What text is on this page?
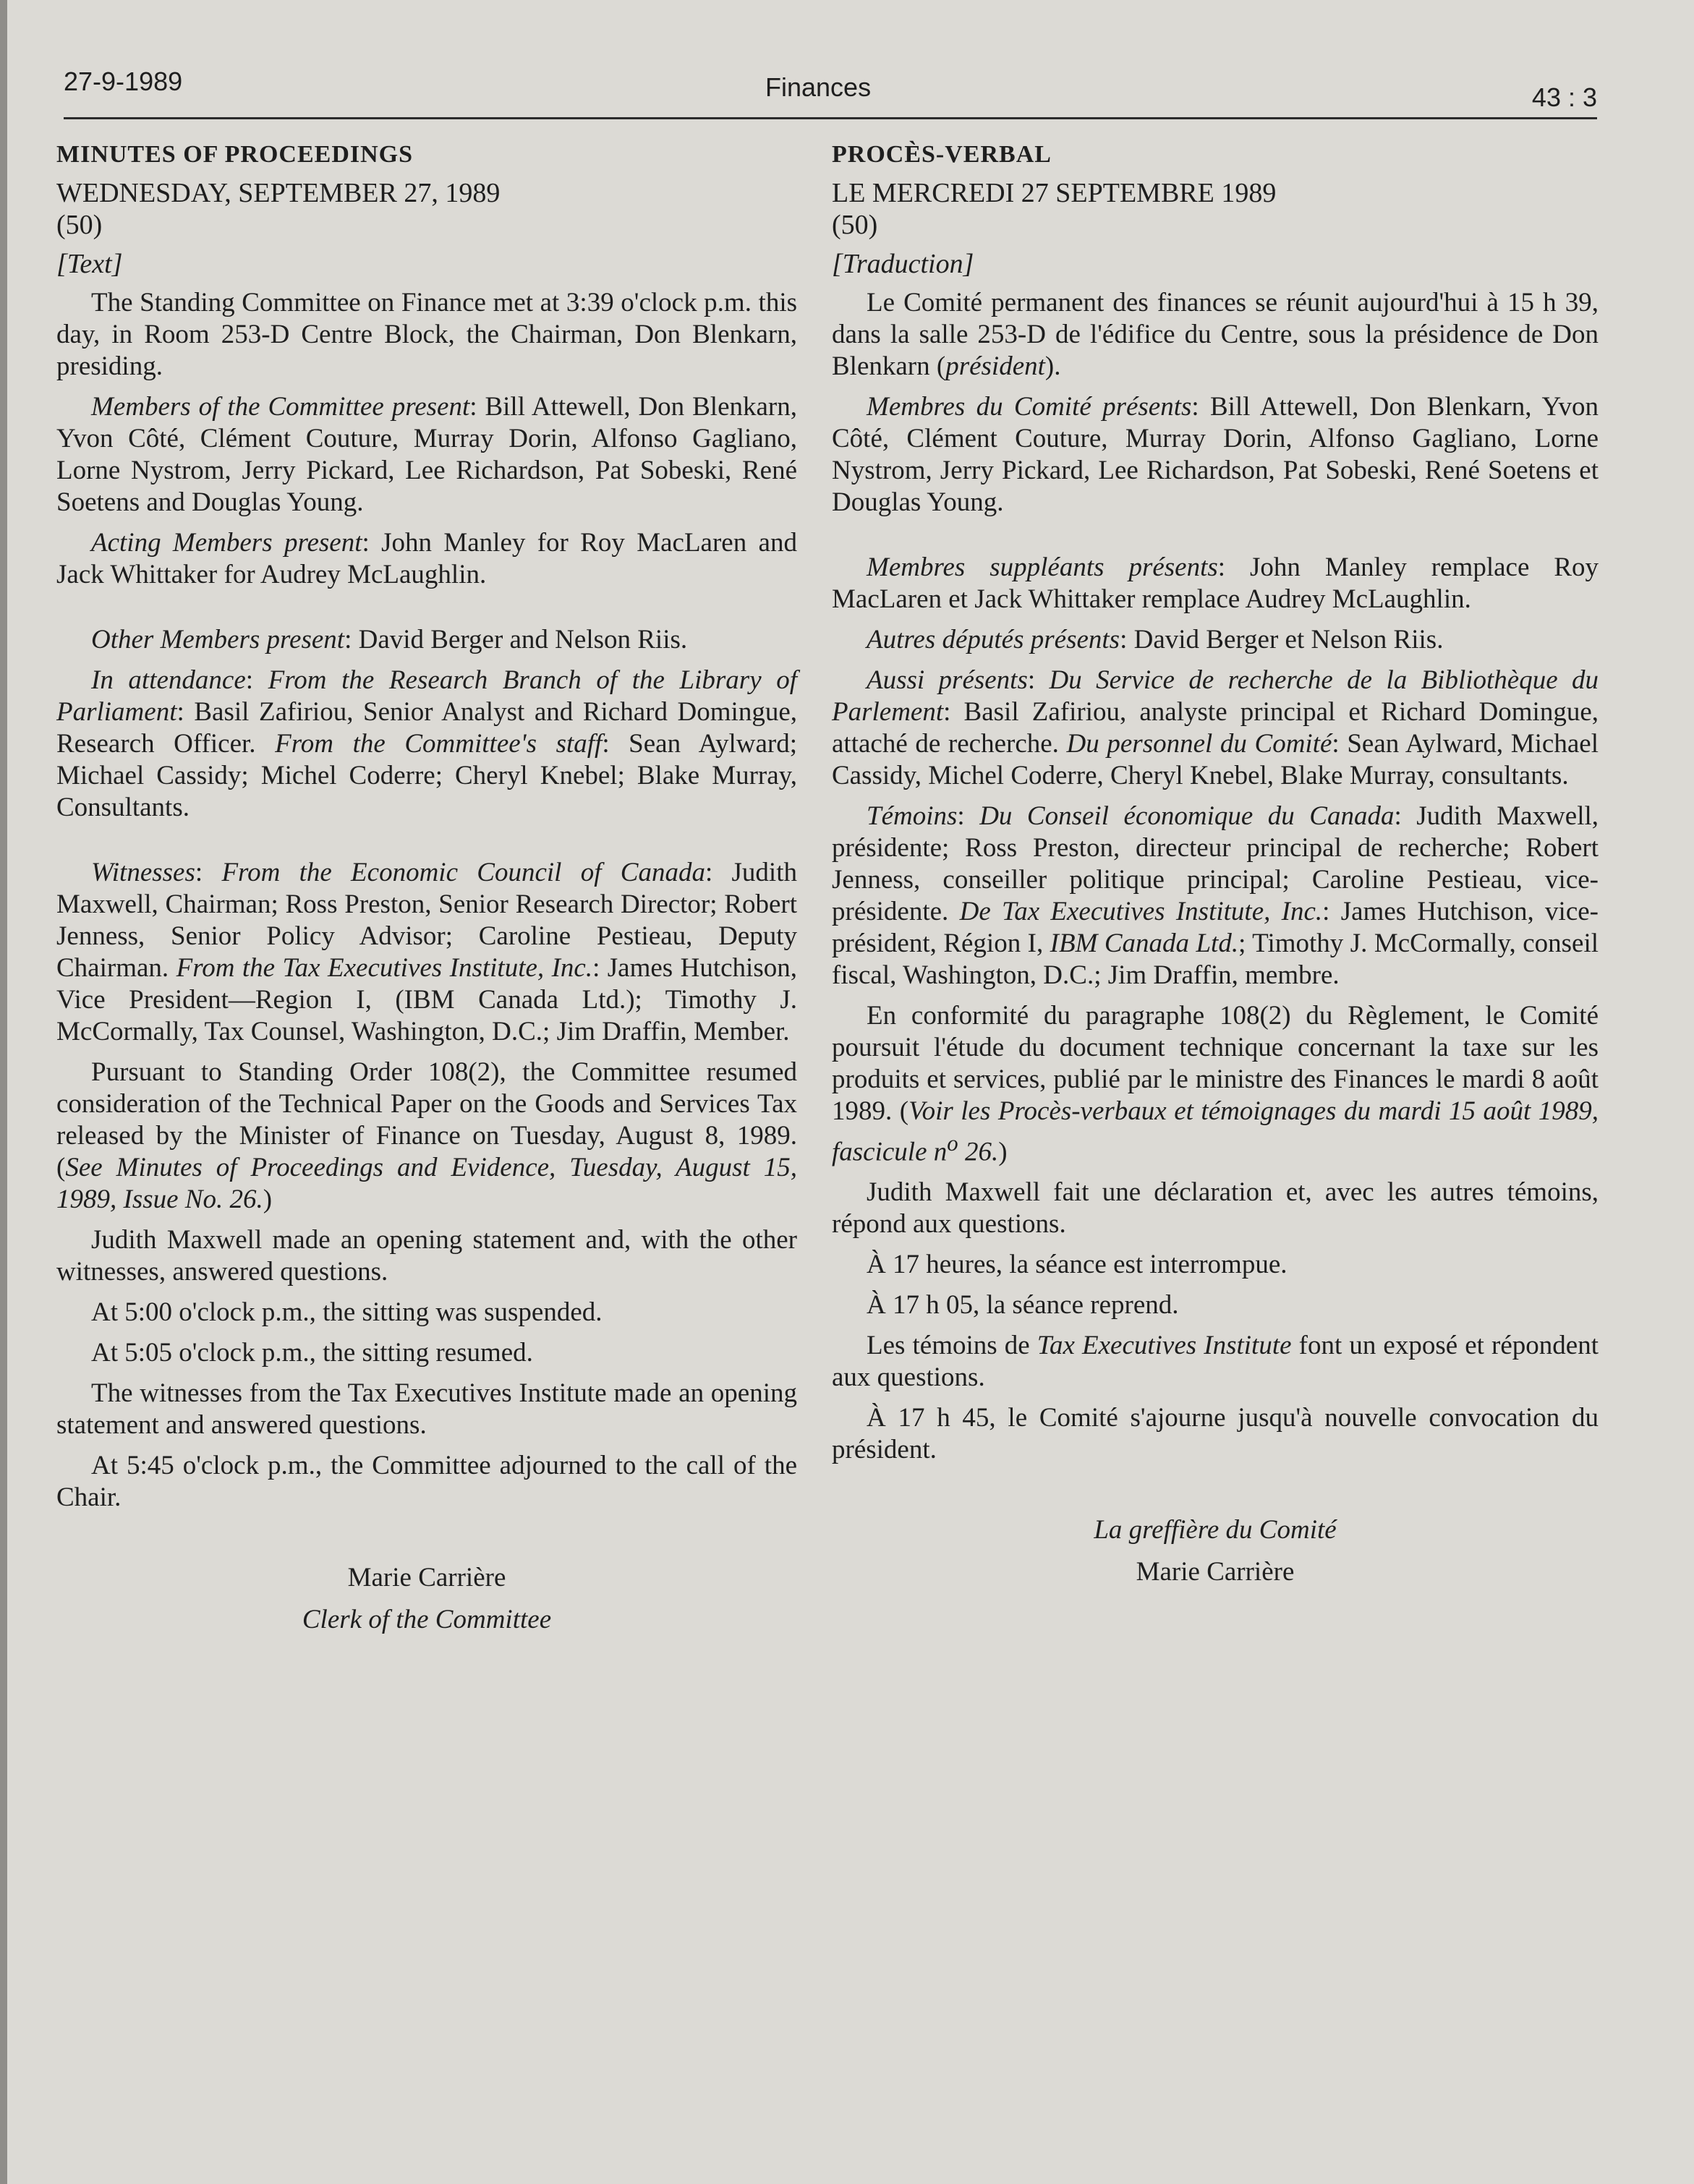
27-9-1989	Finances	43 : 3
MINUTES OF PROCEEDINGS
WEDNESDAY, SEPTEMBER 27, 1989
(50)
[Text]

The Standing Committee on Finance met at 3:39 o'clock p.m. this day, in Room 253-D Centre Block, the Chairman, Don Blenkarn, presiding.

Members of the Committee present: Bill Attewell, Don Blenkarn, Yvon Côté, Clément Couture, Murray Dorin, Alfonso Gagliano, Lorne Nystrom, Jerry Pickard, Lee Richardson, Pat Sobeski, René Soetens and Douglas Young.

Acting Members present: John Manley for Roy MacLaren and Jack Whittaker for Audrey McLaughlin.

Other Members present: David Berger and Nelson Riis.

In attendance: From the Research Branch of the Library of Parliament: Basil Zafiriou, Senior Analyst and Richard Domingue, Research Officer. From the Committee's staff: Sean Aylward; Michael Cassidy; Michel Coderre; Cheryl Knebel; Blake Murray, Consultants.

Witnesses: From the Economic Council of Canada: Judith Maxwell, Chairman; Ross Preston, Senior Research Director; Robert Jenness, Senior Policy Advisor; Caroline Pestieau, Deputy Chairman. From the Tax Executives Institute, Inc.: James Hutchison, Vice President—Region I, (IBM Canada Ltd.); Timothy J. McCormally, Tax Counsel, Washington, D.C.; Jim Draffin, Member.

Pursuant to Standing Order 108(2), the Committee resumed consideration of the Technical Paper on the Goods and Services Tax released by the Minister of Finance on Tuesday, August 8, 1989. (See Minutes of Proceedings and Evidence, Tuesday, August 15, 1989, Issue No. 26.)

Judith Maxwell made an opening statement and, with the other witnesses, answered questions.

At 5:00 o'clock p.m., the sitting was suspended.

At 5:05 o'clock p.m., the sitting resumed.

The witnesses from the Tax Executives Institute made an opening statement and answered questions.

At 5:45 o'clock p.m., the Committee adjourned to the call of the Chair.

Marie Carrière
Clerk of the Committee
PROCÈS-VERBAL
LE MERCREDI 27 SEPTEMBRE 1989
(50)
[Traduction]

Le Comité permanent des finances se réunit aujourd'hui à 15 h 39, dans la salle 253-D de l'édifice du Centre, sous la présidence de Don Blenkarn (président).

Membres du Comité présents: Bill Attewell, Don Blenkarn, Yvon Côté, Clément Couture, Murray Dorin, Alfonso Gagliano, Lorne Nystrom, Jerry Pickard, Lee Richardson, Pat Sobeski, René Soetens et Douglas Young.

Membres suppléants présents: John Manley remplace Roy MacLaren et Jack Whittaker remplace Audrey McLaughlin.

Autres députés présents: David Berger et Nelson Riis.

Aussi présents: Du Service de recherche de la Bibliothèque du Parlement: Basil Zafiriou, analyste principal et Richard Domingue, attaché de recherche. Du personnel du Comité: Sean Aylward, Michael Cassidy, Michel Coderre, Cheryl Knebel, Blake Murray, consultants.

Témoins: Du Conseil économique du Canada: Judith Maxwell, présidente; Ross Preston, directeur principal de recherche; Robert Jenness, conseiller politique principal; Caroline Pestieau, vice-présidente. De Tax Executives Institute, Inc.: James Hutchison, vice-président, Région I, IBM Canada Ltd.; Timothy J. McCormally, conseil fiscal, Washington, D.C.; Jim Draffin, membre.

En conformité du paragraphe 108(2) du Règlement, le Comité poursuit l'étude du document technique concernant la taxe sur les produits et services, publié par le ministre des Finances le mardi 8 août 1989. (Voir les Procès-verbaux et témoignages du mardi 15 août 1989, fascicule $n^o$ 26.)

Judith Maxwell fait une déclaration et, avec les autres témoins, répond aux questions.

À 17 heures, la séance est interrompue.

À 17 h 05, la séance reprend.

Les témoins de Tax Executives Institute font un exposé et répondent aux questions.

À 17 h 45, le Comité s'ajourne jusqu'à nouvelle convocation du président.

La greffière du Comité
Marie Carrière
